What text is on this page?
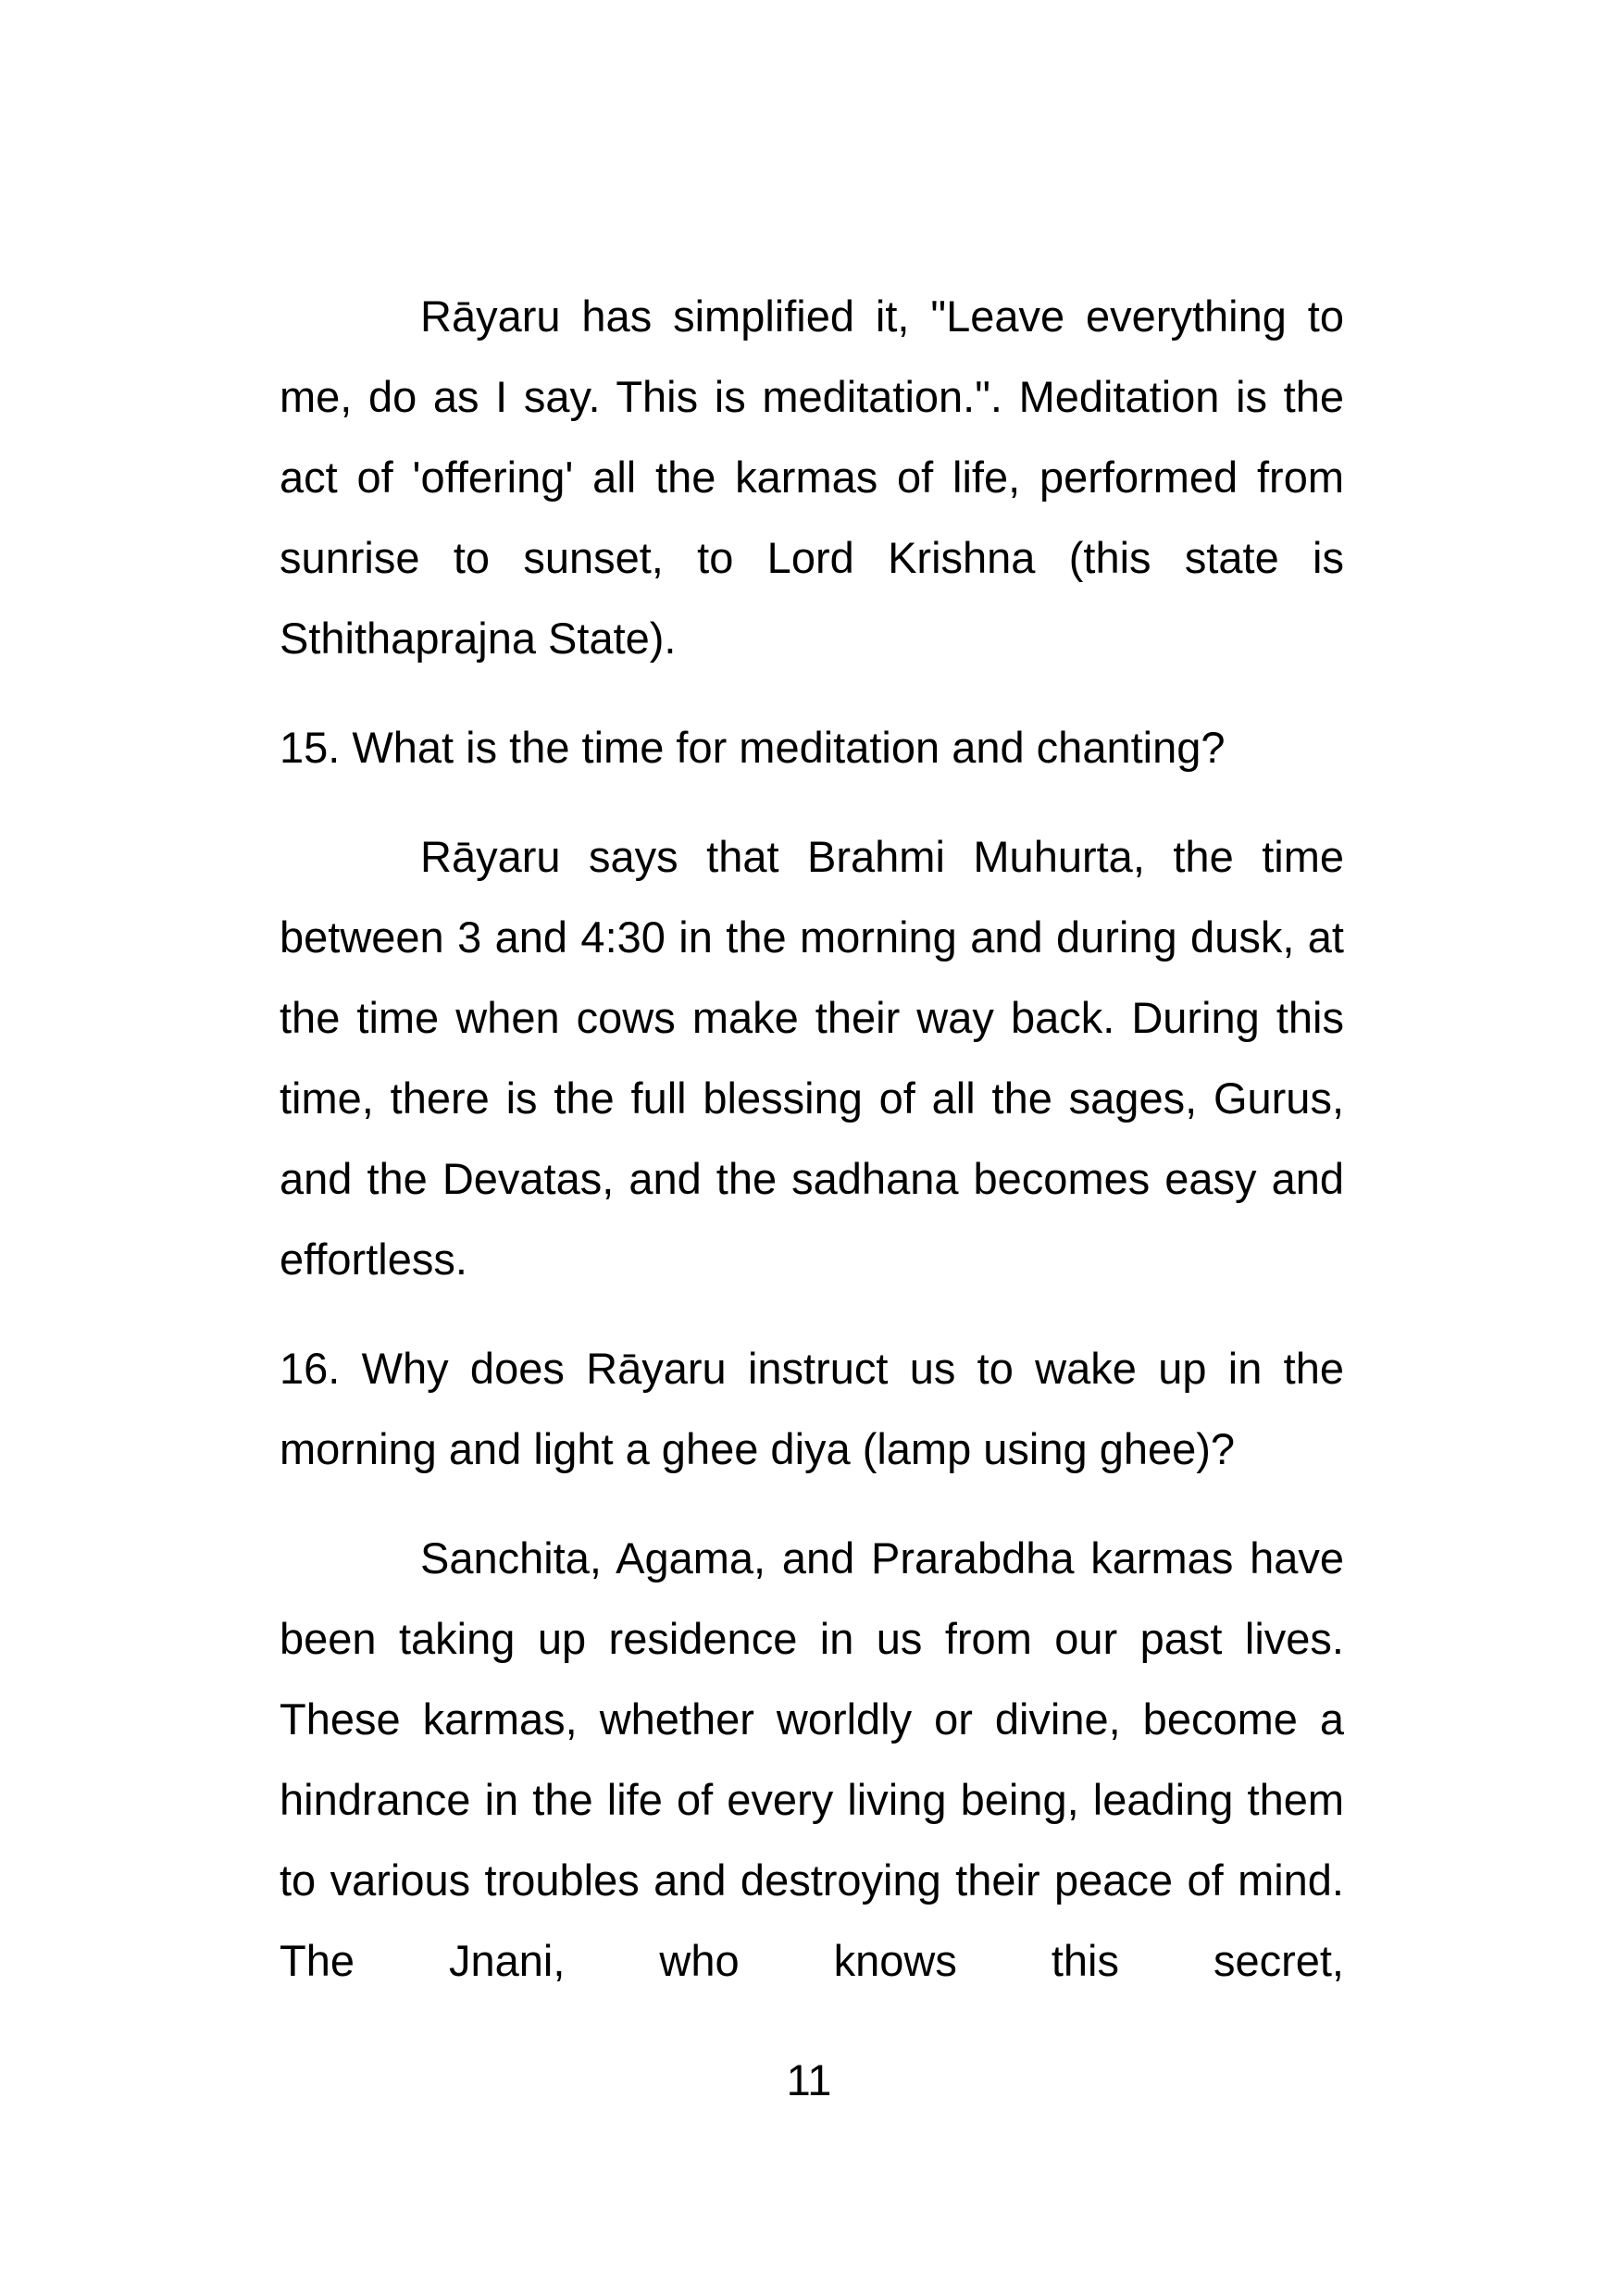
Rāyaru has simplified it, "Leave everything to me, do as I say. This is meditation.". Meditation is the act of 'offering' all the karmas of life, performed from sunrise to sunset, to Lord Krishna (this state is Sthithaprajna State).

15. What is the time for meditation and chanting?

Rāyaru says that Brahmi Muhurta, the time between 3 and 4:30 in the morning and during dusk, at the time when cows make their way back. During this time, there is the full blessing of all the sages, Gurus, and the Devatas, and the sadhana becomes easy and effortless.

16. Why does Rāyaru instruct us to wake up in the morning and light a ghee diya (lamp using ghee)?

Sanchita, Agama, and Prarabdha karmas have been taking up residence in us from our past lives. These karmas, whether worldly or divine, become a hindrance in the life of every living being, leading them to various troubles and destroying their peace of mind. The Jnani, who knows this secret,

11
